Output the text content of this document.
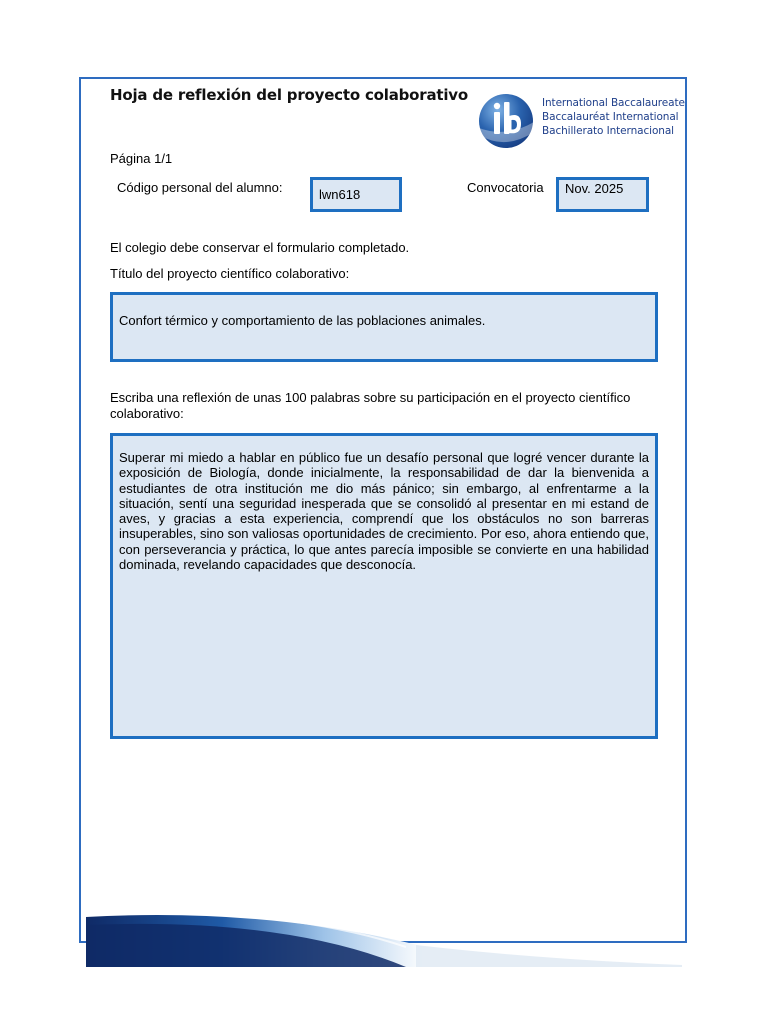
Hoja de reflexión del proyecto colaborativo	International Baccalaureate
Baccalauréat International
Bachillerato Internacional
Página 1/1
Código personal del alumno:	lwn618	Convocatoria	Nov. 2025
El colegio debe conservar el formulario completado.
Título del proyecto científico colaborativo:
Confort térmico y comportamiento de las poblaciones animales.
Escriba una reflexión de unas 100 palabras sobre su participación en el proyecto científico colaborativo:
Superar mi miedo a hablar en público fue un desafío personal que logré vencer durante la exposición de Biología, donde inicialmente, la responsabilidad de dar la bienvenida a estudiantes de otra institución me dio más pánico; sin embargo, al enfrentarme a la situación, sentí una seguridad inesperada que se consolidó al presentar en mi estand de aves, y gracias a esta experiencia, comprendí que los obstáculos no son barreras insuperables, sino son valiosas oportunidades de crecimiento. Por eso, ahora entiendo que, con perseverancia y práctica, lo que antes parecía imposible se convierte en una habilidad dominada, revelando capacidades que desconocía.
